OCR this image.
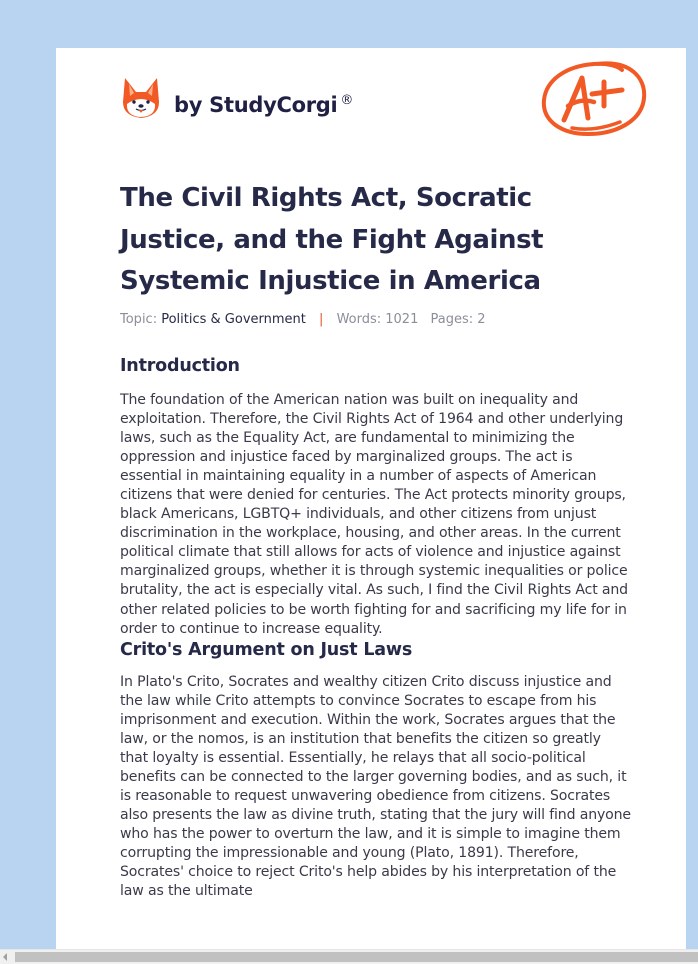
by StudyCorgi ®
The Civil Rights Act, Socratic Justice, and the Fight Against Systemic Injustice in America
Topic: Politics & Government | Words: 1021 Pages: 2
Introduction

The foundation of the American nation was built on inequality and exploitation. Therefore, the Civil Rights Act of 1964 and other underlying laws, such as the Equality Act, are fundamental to minimizing the oppression and injustice faced by marginalized groups. The act is essential in maintaining equality in a number of aspects of American citizens that were denied for centuries. The Act protects minority groups, black Americans, LGBTQ+ individuals, and other citizens from unjust discrimination in the workplace, housing, and other areas. In the current political climate that still allows for acts of violence and injustice against marginalized groups, whether it is through systemic inequalities or police brutality, the act is especially vital. As such, I find the Civil Rights Act and other related policies to be worth fighting for and sacrificing my life for in order to continue to increase equality.

Crito's Argument on Just Laws

In Plato's Crito, Socrates and wealthy citizen Crito discuss injustice and the law while Crito attempts to convince Socrates to escape from his imprisonment and execution. Within the work, Socrates argues that the law, or the nomos, is an institution that benefits the citizen so greatly that loyalty is essential. Essentially, he relays that all socio-political benefits can be connected to the larger governing bodies, and as such, it is reasonable to request unwavering obedience from citizens. Socrates also presents the law as divine truth, stating that the jury will find anyone who has the power to overturn the law, and it is simple to imagine them corrupting the impressionable and young (Plato, 1891). Therefore, Socrates' choice to reject Crito's help abides by his interpretation of the law as the ultimate
